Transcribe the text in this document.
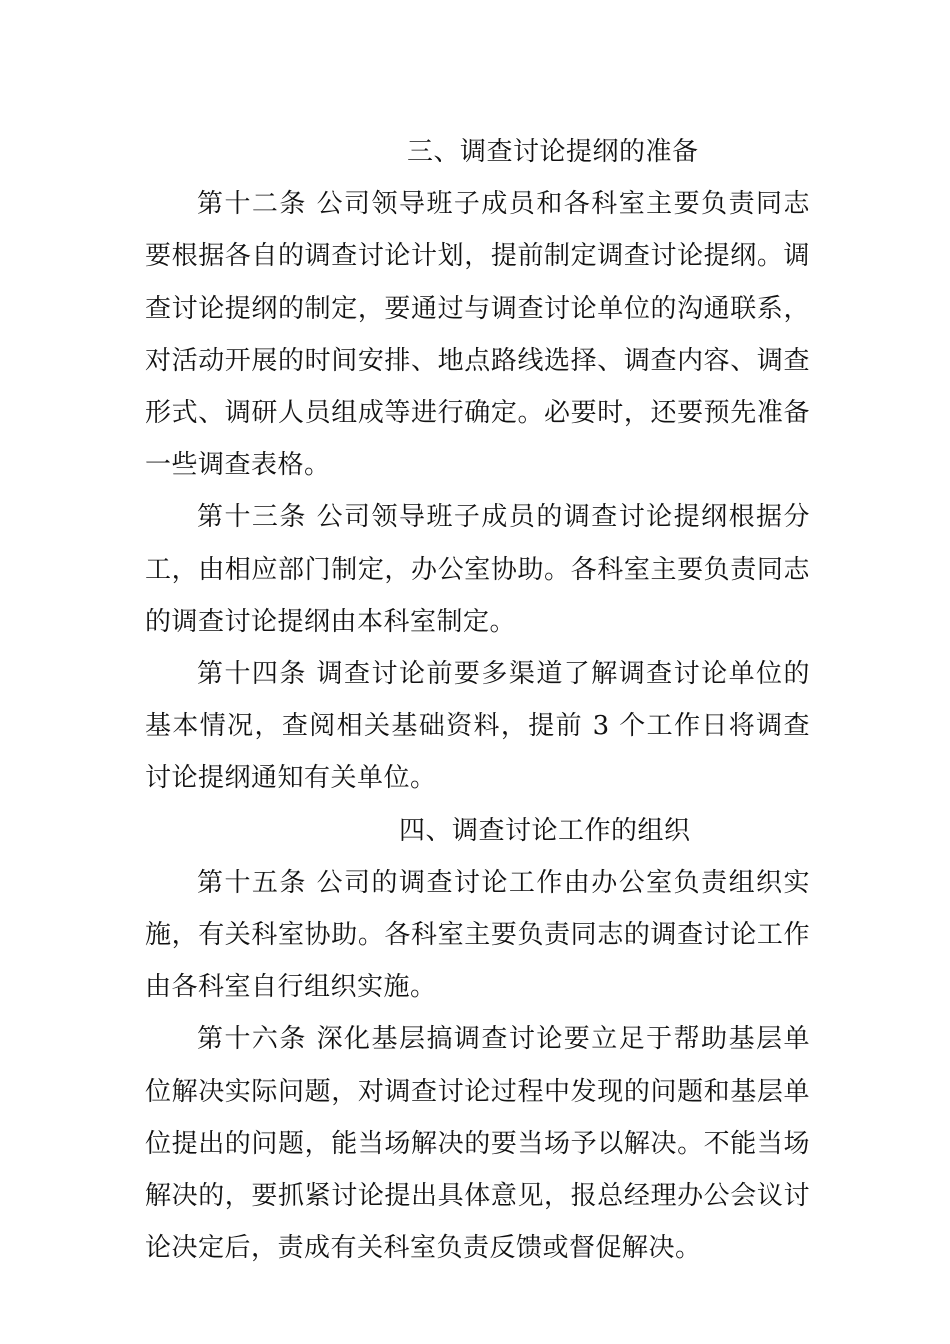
三、调查讨论提纲的准备

第十二条 公司领导班子成员和各科室主要负责同志要根据各自的调查讨论计划，提前制定调查讨论提纲。调查讨论提纲的制定，要通过与调查讨论单位的沟通联系，对活动开展的时间安排、地点路线选择、调查内容、调查形式、调研人员组成等进行确定。必要时，还要预先准备一些调查表格。

第十三条 公司领导班子成员的调查讨论提纲根据分工，由相应部门制定，办公室协助。各科室主要负责同志的调查讨论提纲由本科室制定。

第十四条 调查讨论前要多渠道了解调查讨论单位的基本情况，查阅相关基础资料，提前 3 个工作日将调查讨论提纲通知有关单位。

四、调查讨论工作的组织

第十五条 公司的调查讨论工作由办公室负责组织实施，有关科室协助。各科室主要负责同志的调查讨论工作由各科室自行组织实施。

第十六条 深化基层搞调查讨论要立足于帮助基层单位解决实际问题，对调查讨论过程中发现的问题和基层单位提出的问题，能当场解决的要当场予以解决。不能当场解决的，要抓紧讨论提出具体意见，报总经理办公会议讨论决定后，责成有关科室负责反馈或督促解决。
